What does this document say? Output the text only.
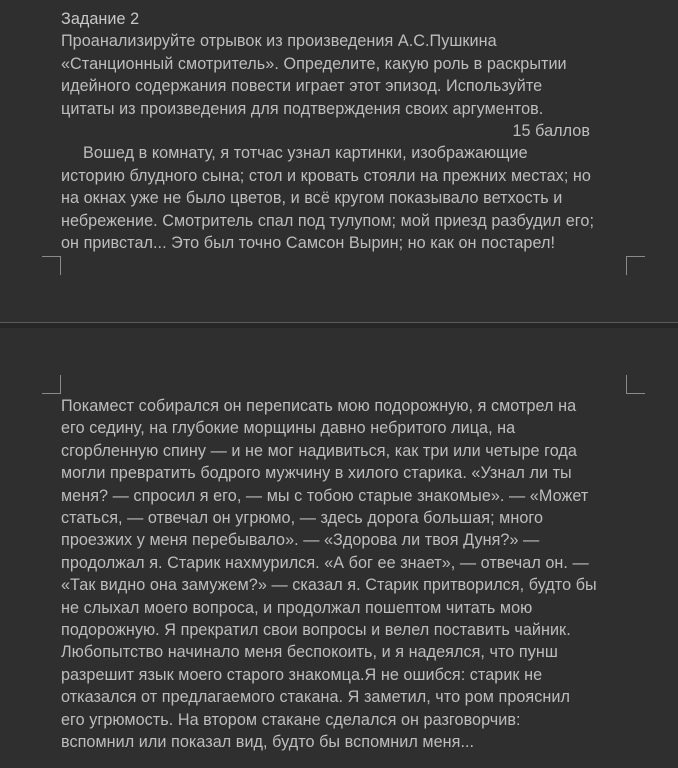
Задание 2

Проанализируйте отрывок из произведения А.С.Пушкина

«Станционный смотритель». Определите, какую роль в раскрытии

идейного содержания повести играет этот эпизод. Используйте

цитаты из произведения для подтверждения своих аргументов.

15 баллов

Вошед в комнату, я тотчас узнал картинки, изображающие

историю блудного сына; стол и кровать стояли на прежних местах; но

на окнах уже не было цветов, и всё кругом показывало ветхость и

небрежение. Смотритель спал под тулупом; мой приезд разбудил его;

он привстал... Это был точно Самсон Вырин; но как он постарел!

Покамест собирался он переписать мою подорожную, я смотрел на

его седину, на глубокие морщины давно небритого лица, на

сгорбленную спину — и не мог надивиться, как три или четыре года

могли превратить бодрого мужчину в хилого старика. «Узнал ли ты

меня? — спросил я его, — мы с тобою старые знакомые». — «Может

статься, — отвечал он угрюмо, — здесь дорога большая; много

проезжих у меня перебывало». — «Здорова ли твоя Дуня?» —

продолжал я. Старик нахмурился. «А бог ее знает», — отвечал он. —

«Так видно она замужем?» — сказал я. Старик притворился, будто бы

не слыхал моего вопроса, и продолжал пошептом читать мою

подорожную. Я прекратил свои вопросы и велел поставить чайник.

Любопытство начинало меня беспокоить, и я надеялся, что пунш

разрешит язык моего старого знакомца.Я не ошибся: старик не

отказался от предлагаемого стакана. Я заметил, что ром прояснил

его угрюмость. На втором стакане сделался он разговорчив:

вспомнил или показал вид, будто бы вспомнил меня...
